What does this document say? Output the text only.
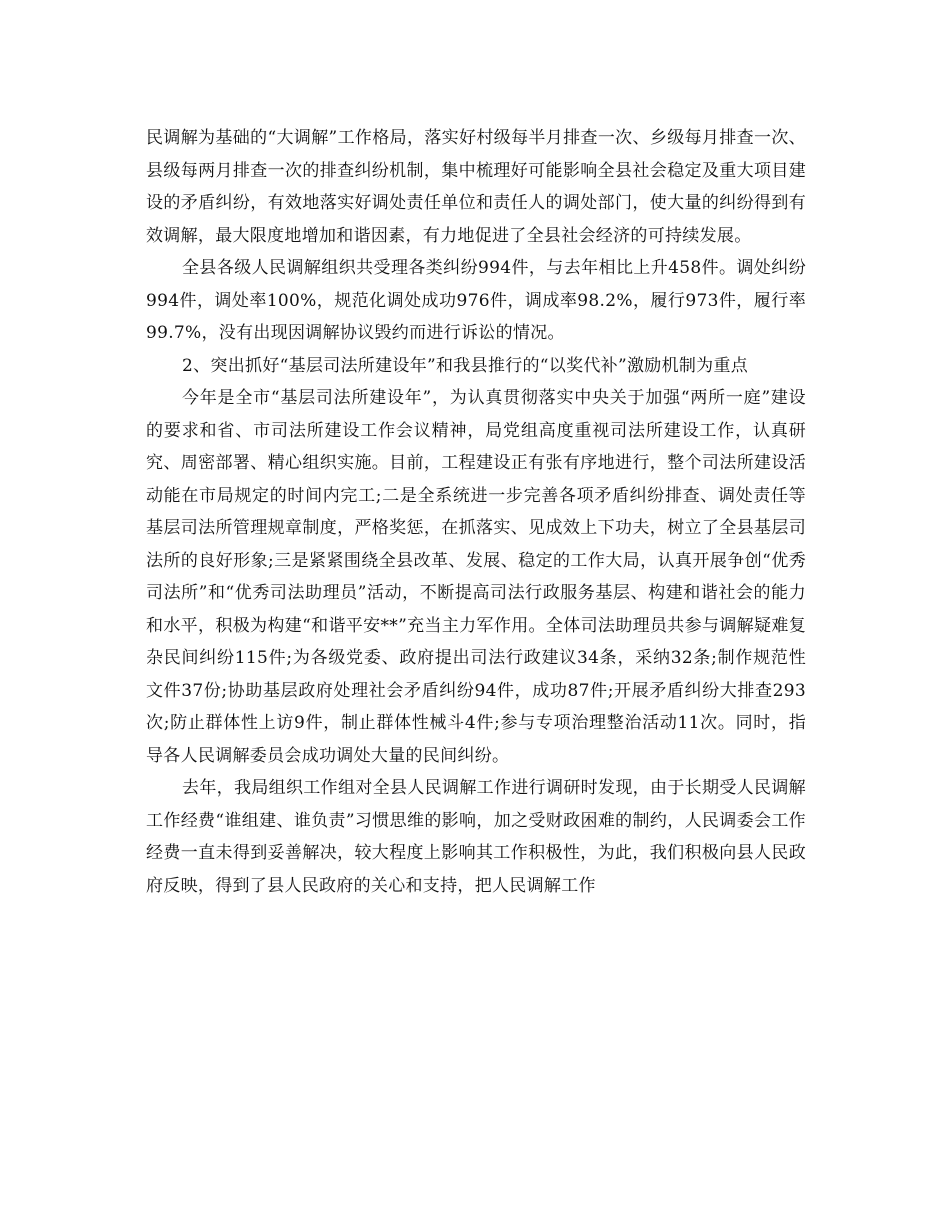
民调解为基础的“大调解”工作格局，落实好村级每半月排查一次、乡级每月排查一次、县级每两月排查一次的排查纠纷机制，集中梳理好可能影响全县社会稳定及重大项目建设的矛盾纠纷，有效地落实好调处责任单位和责任人的调处部门，使大量的纠纷得到有效调解，最大限度地增加和谐因素，有力地促进了全县社会经济的可持续发展。

全县各级人民调解组织共受理各类纠纷994件，与去年相比上升458件。调处纠纷994件，调处率100%，规范化调处成功976件，调成率98.2%，履行973件，履行率99.7%，没有出现因调解协议毁约而进行诉讼的情况。

2、突出抓好“基层司法所建设年”和我县推行的“以奖代补”激励机制为重点

今年是全市“基层司法所建设年”，为认真贯彻落实中央关于加强“两所一庭”建设的要求和省、市司法所建设工作会议精神，局党组高度重视司法所建设工作，认真研究、周密部署、精心组织实施。目前，工程建设正有张有序地进行，整个司法所建设活动能在市局规定的时间内完工;二是全系统进一步完善各项矛盾纠纷排查、调处责任等基层司法所管理规章制度，严格奖惩，在抓落实、见成效上下功夫，树立了全县基层司法所的良好形象;三是紧紧围绕全县改革、发展、稳定的工作大局，认真开展争创“优秀司法所”和“优秀司法助理员”活动，不断提高司法行政服务基层、构建和谐社会的能力和水平，积极为构建“和谐平安**”充当主力军作用。全体司法助理员共参与调解疑难复杂民间纠纷115件;为各级党委、政府提出司法行政建议34条，采纳32条;制作规范性文件37份;协助基层政府处理社会矛盾纠纷94件，成功87件;开展矛盾纠纷大排查293次;防止群体性上访9件，制止群体性械斗4件;参与专项治理整治活动11次。同时，指导各人民调解委员会成功调处大量的民间纠纷。

去年，我局组织工作组对全县人民调解工作进行调研时发现，由于长期受人民调解工作经费“谁组建、谁负责”习惯思维的影响，加之受财政困难的制约，人民调委会工作经费一直未得到妥善解决，较大程度上影响其工作积极性，为此，我们积极向县人民政府反映，得到了县人民政府的关心和支持，把人民调解工作
